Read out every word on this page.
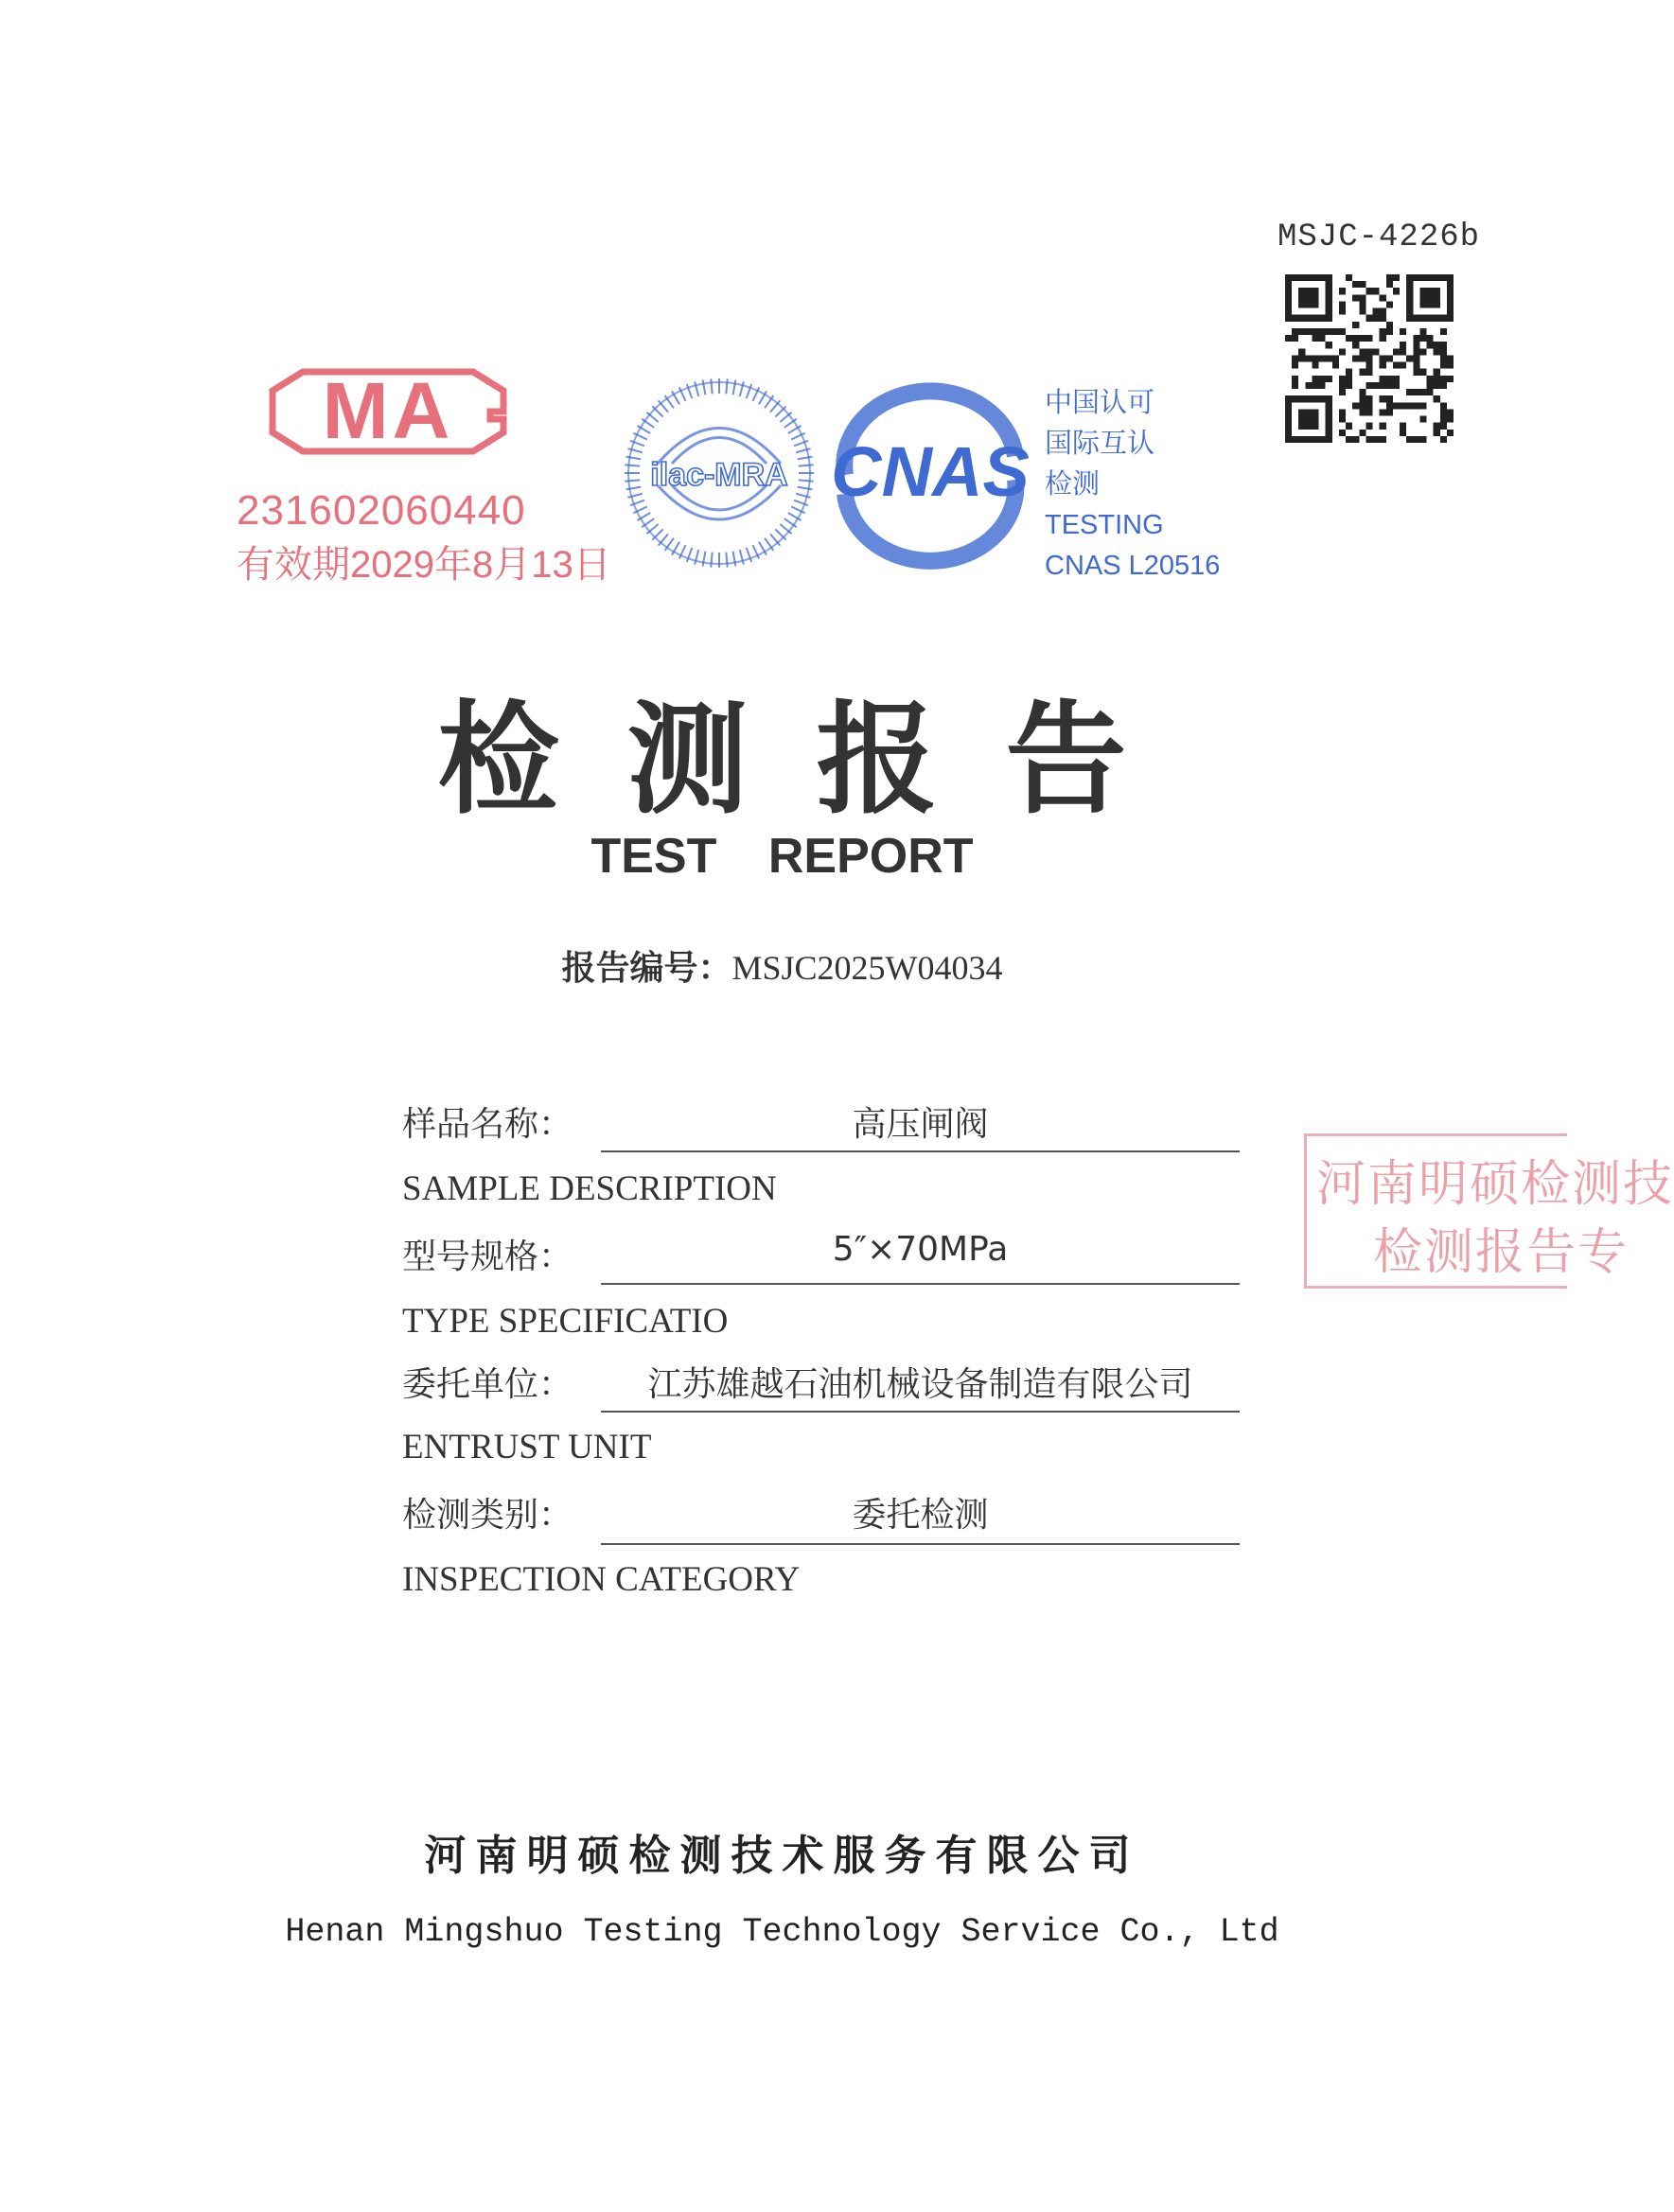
MSJC-4226b
MA
231602060440
有效期2029年8月13日
ilac-MRA CNAS
中国认可
国际互认
检测
TESTING
CNAS L20516
检测报告
TEST REPORT
报告编号：MSJC2025W04034
样品名称：	高压闸阀
SAMPLE DESCRIPTION
型号规格：	5″×70MPa
TYPE SPECIFICATIO
委托单位：	江苏雄越石油机械设备制造有限公司
ENTRUST UNIT
检测类别：	委托检测
INSPECTION CATEGORY
河南明硕检测技
检测报告专
河南明硕检测技术服务有限公司
Henan Mingshuo Testing Technology Service Co., Ltd
